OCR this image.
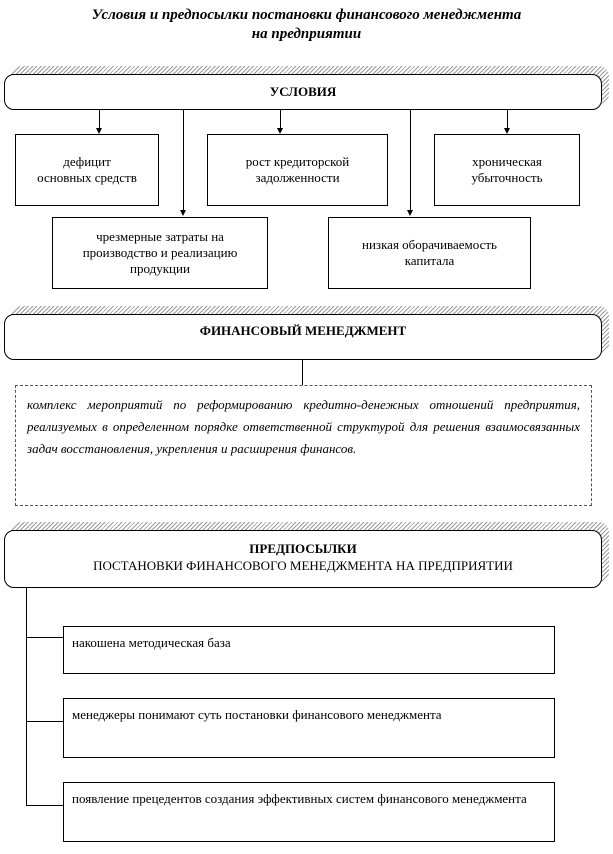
Условия и предпосылки постановки финансового менеджмента
на предприятии
УСЛОВИЯ
дефицит основных средств
рост кредиторской задолженности
хроническая убыточность
чрезмерные затраты на производство и реализацию продукции
низкая оборачиваемость капитала
ФИНАНСОВЫЙ МЕНЕДЖМЕНТ
комплекс мероприятий по реформированию кредитно-денежных отношений предприятия, реализуемых в определенном порядке ответственной структурой для решения взаимосвязанных задач восстановления, укрепления и расширения финансов.
ПРЕДПОСЫЛКИ
ПОСТАНОВКИ ФИНАНСОВОГО МЕНЕДЖМЕНТА НА ПРЕДПРИЯТИИ
накошена методическая база
менеджеры понимают суть постановки финансового менеджмента
появление прецедентов создания эффективных систем финансового менеджмента
